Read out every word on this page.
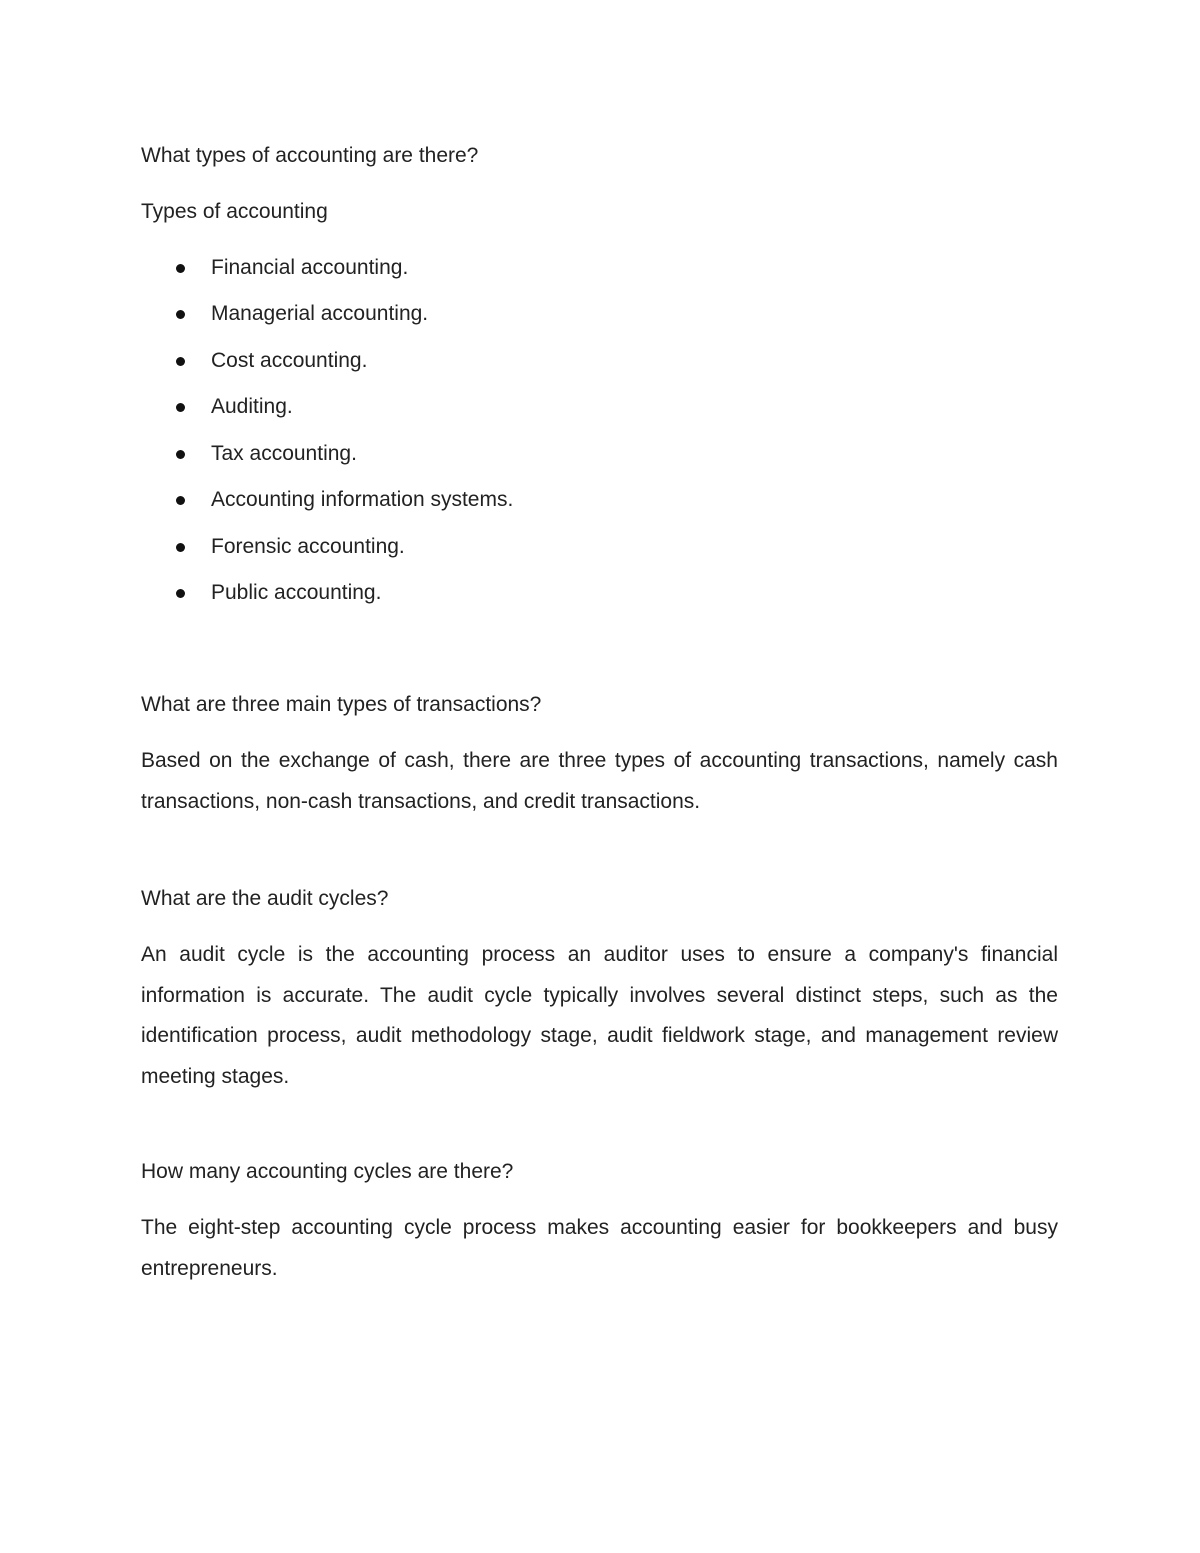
What types of accounting are there?
Types of accounting
Financial accounting.
Managerial accounting.
Cost accounting.
Auditing.
Tax accounting.
Accounting information systems.
Forensic accounting.
Public accounting.
What are three main types of transactions?

Based on the exchange of cash, there are three types of accounting transactions, namely cash transactions, non-cash transactions, and credit transactions.

What are the audit cycles?

An audit cycle is the accounting process an auditor uses to ensure a company's financial information is accurate. The audit cycle typically involves several distinct steps, such as the identification process, audit methodology stage, audit fieldwork stage, and management review meeting stages.

How many accounting cycles are there?

The eight-step accounting cycle process makes accounting easier for bookkeepers and busy entrepreneurs.
